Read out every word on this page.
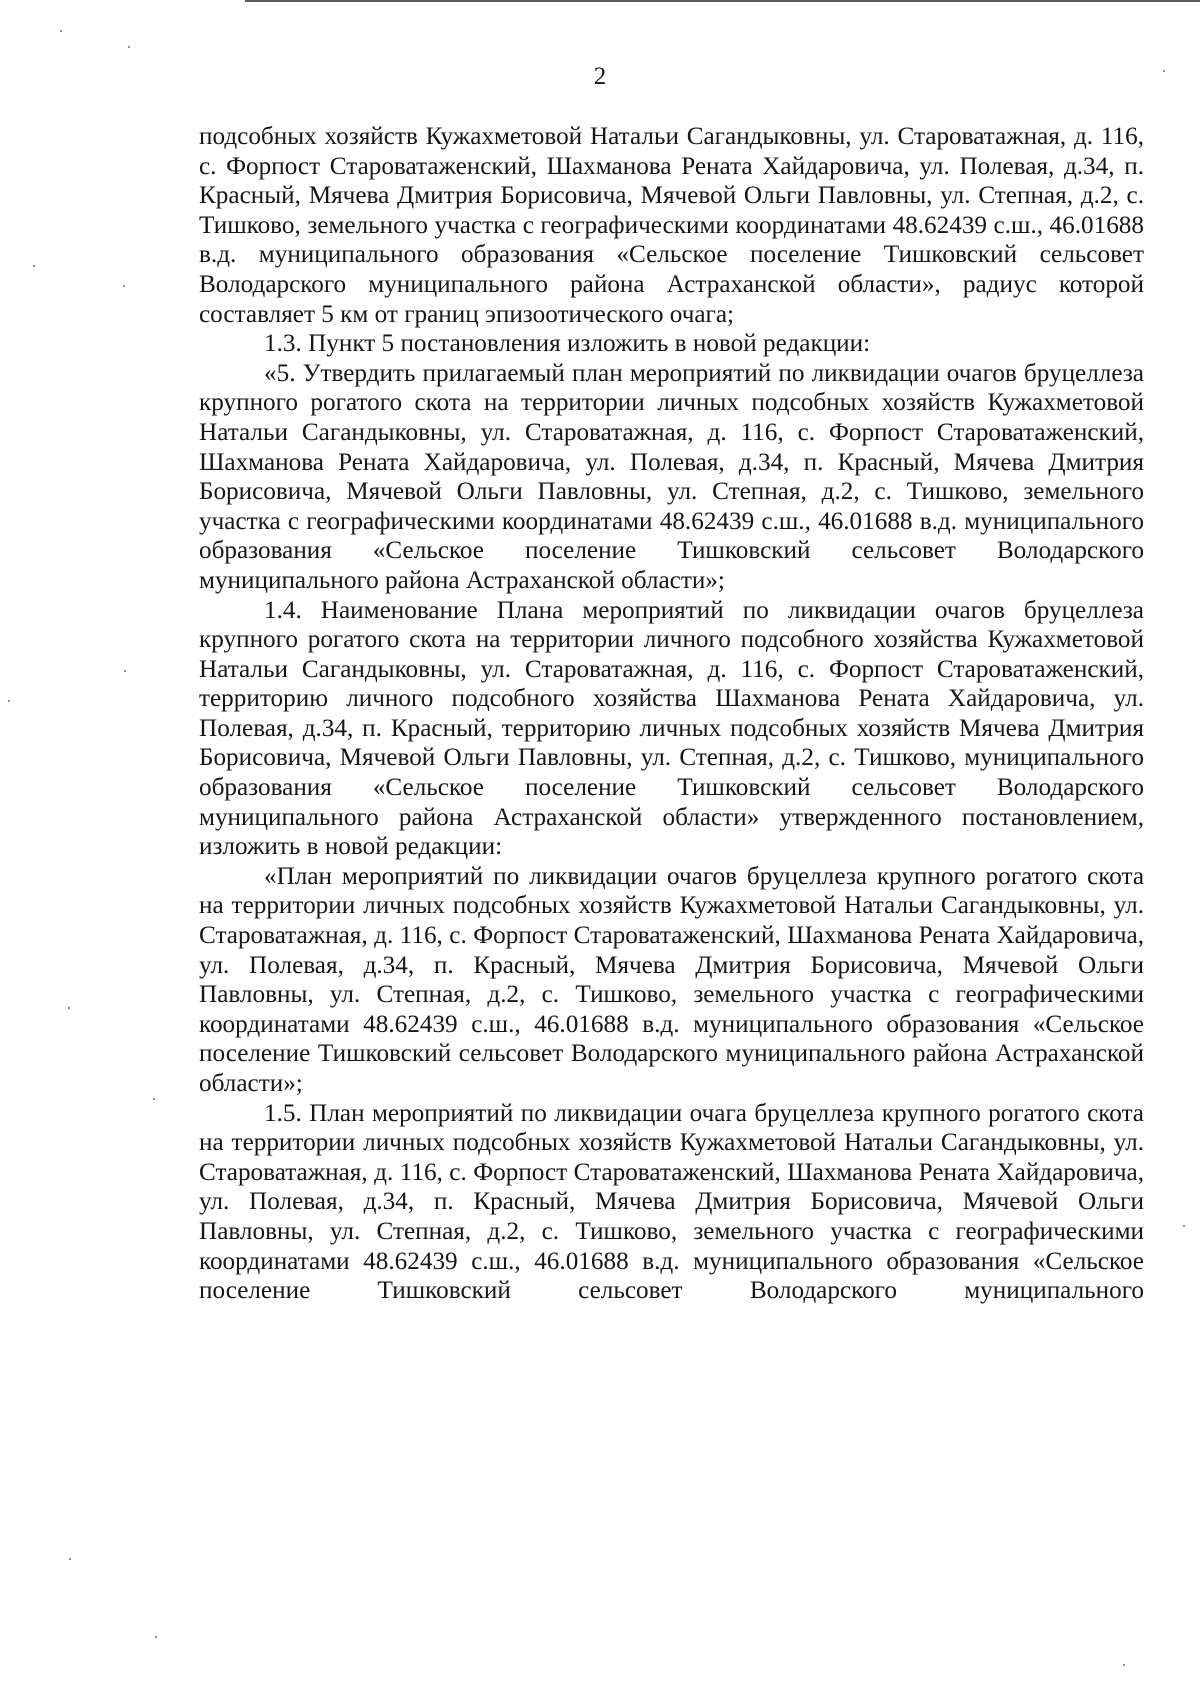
2

подсобных хозяйств Кужахметовой Натальи Сагандыковны, ул. Староватажная, д. 116, с. Форпост Староватаженский, Шахманова Рената Хайдаровича, ул. Полевая, д.34, п. Красный, Мячева Дмитрия Борисовича, Мячевой Ольги Павловны, ул. Степная, д.2, с. Тишково, земельного участка с географическими координатами 48.62439 с.ш., 46.01688 в.д. муниципального образования «Сельское поселение Тишковский сельсовет Володарского муниципального района Астраханской области», радиус которой составляет 5 км от границ эпизоотического очага;

1.3. Пункт 5 постановления изложить в новой редакции:

«5. Утвердить прилагаемый план мероприятий по ликвидации очагов бруцеллеза крупного рогатого скота на территории личных подсобных хозяйств Кужахметовой Натальи Сагандыковны, ул. Староватажная, д. 116, с. Форпост Староватаженский, Шахманова Рената Хайдаровича, ул. Полевая, д.34, п. Красный, Мячева Дмитрия Борисовича, Мячевой Ольги Павловны, ул. Степная, д.2, с. Тишково, земельного участка с географическими координатами 48.62439 с.ш., 46.01688 в.д. муниципального образования «Сельское поселение Тишковский сельсовет Володарского муниципального района Астраханской области»;

1.4. Наименование Плана мероприятий по ликвидации очагов бруцеллеза крупного рогатого скота на территории личного подсобного хозяйства Кужахметовой Натальи Сагандыковны, ул. Староватажная, д. 116, с. Форпост Староватаженский, территорию личного подсобного хозяйства Шахманова Рената Хайдаровича, ул. Полевая, д.34, п. Красный, территорию личных подсобных хозяйств Мячева Дмитрия Борисовича, Мячевой Ольги Павловны, ул. Степная, д.2, с. Тишково, муниципального образования «Сельское поселение Тишковский сельсовет Володарского муниципального района Астраханской области» утвержденного постановлением, изложить в новой редакции:

«План мероприятий по ликвидации очагов бруцеллеза крупного рогатого скота на территории личных подсобных хозяйств Кужахметовой Натальи Сагандыковны, ул. Староватажная, д. 116, с. Форпост Староватаженский, Шахманова Рената Хайдаровича, ул. Полевая, д.34, п. Красный, Мячева Дмитрия Борисовича, Мячевой Ольги Павловны, ул. Степная, д.2, с. Тишково, земельного участка с географическими координатами 48.62439 с.ш., 46.01688 в.д. муниципального образования «Сельское поселение Тишковский сельсовет Володарского муниципального района Астраханской области»;

1.5. План мероприятий по ликвидации очага бруцеллеза крупного рогатого скота на территории личных подсобных хозяйств Кужахметовой Натальи Сагандыковны, ул. Староватажная, д. 116, с. Форпост Староватаженский, Шахманова Рената Хайдаровича, ул. Полевая, д.34, п. Красный, Мячева Дмитрия Борисовича, Мячевой Ольги Павловны, ул. Степная, д.2, с. Тишково, земельного участка с географическими координатами 48.62439 с.ш., 46.01688 в.д. муниципального образования «Сельское поселение Тишковский сельсовет Володарского муниципального
